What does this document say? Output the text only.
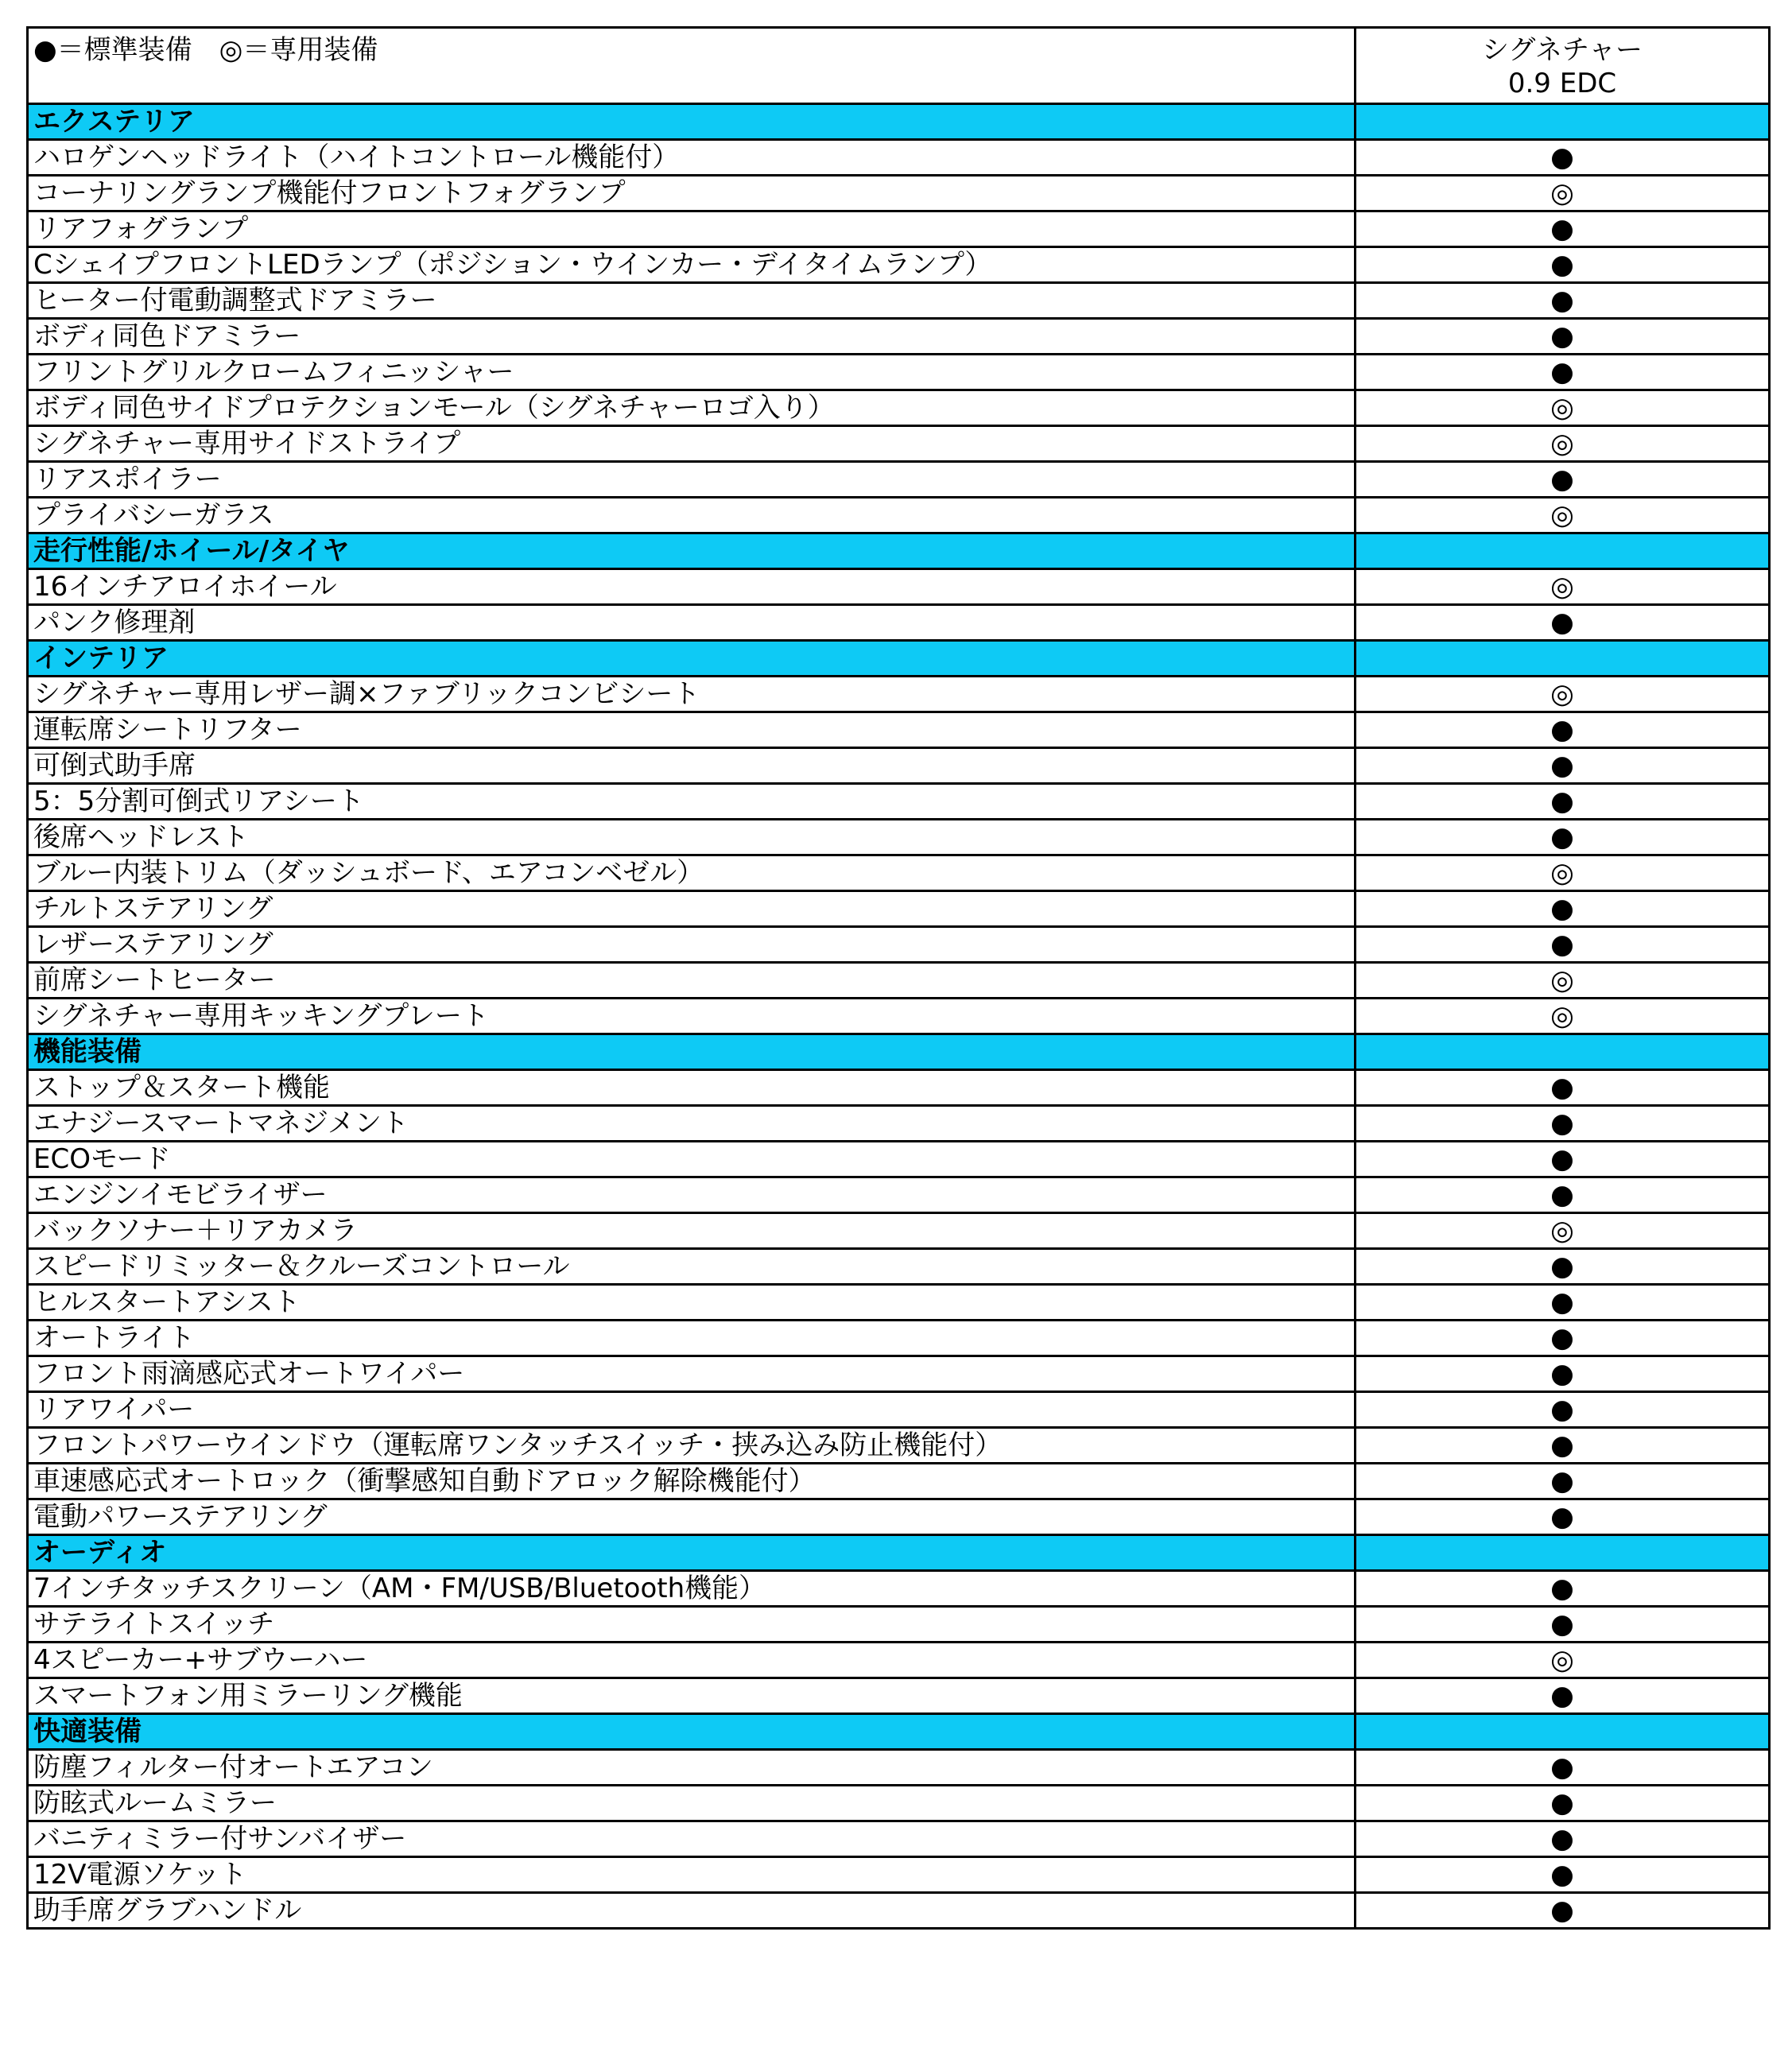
●＝標準装備　◎＝専用装備	シグネチャー
0.9 EDC

エクステリア	
ハロゲンヘッドライト（ハイトコントロール機能付）	●
コーナリングランプ機能付フロントフォグランプ	◎
リアフォグランプ	●
CシェイプフロントLEDランプ（ポジション・ウインカー・デイタイムランプ）	●
ヒーター付電動調整式ドアミラー	●
ボディ同色ドアミラー	●
フリントグリルクロームフィニッシャー	●
ボディ同色サイドプロテクションモール（シグネチャーロゴ入り）	◎
シグネチャー専用サイドストライプ	◎
リアスポイラー	●
プライバシーガラス	◎
走行性能/ホイール/タイヤ	
16インチアロイホイール	◎
パンク修理剤	●
インテリア	
シグネチャー専用レザー調×ファブリックコンビシート	◎
運転席シートリフター	●
可倒式助手席	●
5：5分割可倒式リアシート	●
後席ヘッドレスト	●
ブルー内装トリム（ダッシュボード、エアコンベゼル）	◎
チルトステアリング	●
レザーステアリング	●
前席シートヒーター	◎
シグネチャー専用キッキングプレート	◎
機能装備	
ストップ＆スタート機能	●
エナジースマートマネジメント	●
ECOモード	●
エンジンイモビライザー	●
バックソナー＋リアカメラ	◎
スピードリミッター＆クルーズコントロール	●
ヒルスタートアシスト	●
オートライト	●
フロント雨滴感応式オートワイパー	●
リアワイパー	●
フロントパワーウインドウ（運転席ワンタッチスイッチ・挟み込み防止機能付）	●
車速感応式オートロック（衝撃感知自動ドアロック解除機能付）	●
電動パワーステアリング	●
オーディオ	
7インチタッチスクリーン（AM・FM/USB/Bluetooth機能）	●
サテライトスイッチ	●
4スピーカー+サブウーハー	◎
スマートフォン用ミラーリング機能	●
快適装備	
防塵フィルター付オートエアコン	●
防眩式ルームミラー	●
バニティミラー付サンバイザー	●
12V電源ソケット	●
助手席グラブハンドル	●
